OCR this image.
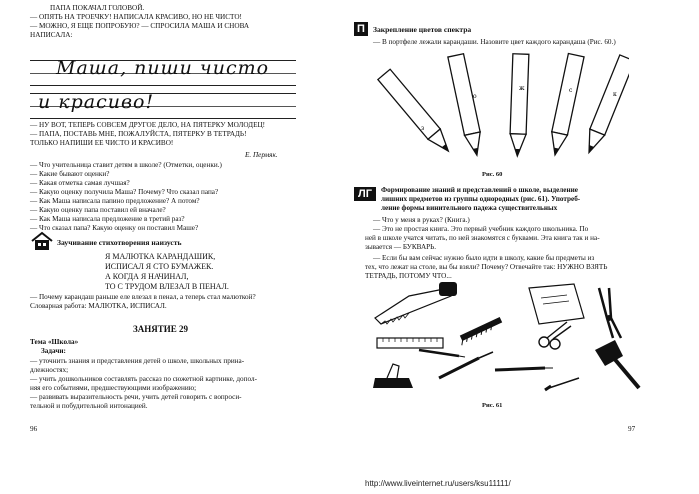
ПАПА ПОКАЧАЛ ГОЛОВОЙ.
— ОПЯТЬ НА ТРОЕЧКУ! НАПИСАЛА КРАСИВО, НО НЕ ЧИСТО!
— МОЖНО, Я ЕЩЕ ПОПРОБУЮ? — СПРОСИЛА МАША И СНОВА
НАПИСАЛА:
Маша, пиши чисто
и красиво!
— НУ ВОТ, ТЕПЕРЬ СОВСЕМ ДРУГОЕ ДЕЛО, НА ПЯТЕРКУ МОЛОДЕЦ!
— ПАПА, ПОСТАВЬ МНЕ, ПОЖАЛУЙСТА, ПЯТЕРКУ В ТЕТРАДЬ!
ТОЛЬКО НАПИШИ ЕЕ ЧИСТО И КРАСИВО!
Е. Пермяк.
— Что учительница ставит детям в школе? (Отметки, оценки.)
— Какие бывают оценки?
— Какая отметка самая лучшая?
— Какую оценку получила Маша? Почему? Что сказал папа?
— Как Маша написала папино предложение? А потом?
— Какую оценку папа поставил ей вначале?
— Как Маша написала предложение в третий раз?
— Что сказал папа? Какую оценку он поставил Маше?
Заучивание стихотворения наизусть
Я МАЛЮТКА КАРАНДАШИК,
ИСПИСАЛ Я СТО БУМАЖЕК.
А КОГДА Я НАЧИНАЛ,
ТО С ТРУДОМ ВЛЕЗАЛ В ПЕНАЛ.
— Почему карандаш раньше еле влезал в пенал, а теперь стал малюткой?
Словарная работа: МАЛЮТКА, ИСПИСАЛ.
ЗАНЯТИЕ 29
Тема «Школа»
Задачи:
— уточнить знания и представления детей о школе, школьных прина-
длежностях;
— учить дошкольников составлять рассказ по сюжетной картинке, допол-
няя его событиями, предшествующими изображению;
— развивать выразительность речи, учить детей говорить с вопроси-
тельной и побудительной интонацией.
96
П	Закрепление цветов спектра
— В портфеле лежали карандаши. Назовите цвет каждого карандаша (Рис. 60.)
з
о
ж	с
к
Рис. 60
ЛГ	Формирование знаний и представлений о школе, выделение
лишних предметов из группы однородных (рис. 61). Употреб-
ление формы винительного падежа существительных
— Что у меня в руках? (Книга.)
— Это не простая книга. Это первый учебник каждого школьника. По
ней в школе учатся читать, по ней знакомятся с буквами. Эта книга так и на-
зывается — БУКВАРЬ.
— Если бы вам сейчас нужно было идти в школу, какие бы предметы из
тех, что лежат на столе, вы бы взяли? Почему? Отвечайте так: НУЖНО ВЗЯТЬ
ТЕТРАДЬ, ПОТОМУ ЧТО...
Рис. 61
97
http://www.liveinternet.ru/users/ksu11111/
